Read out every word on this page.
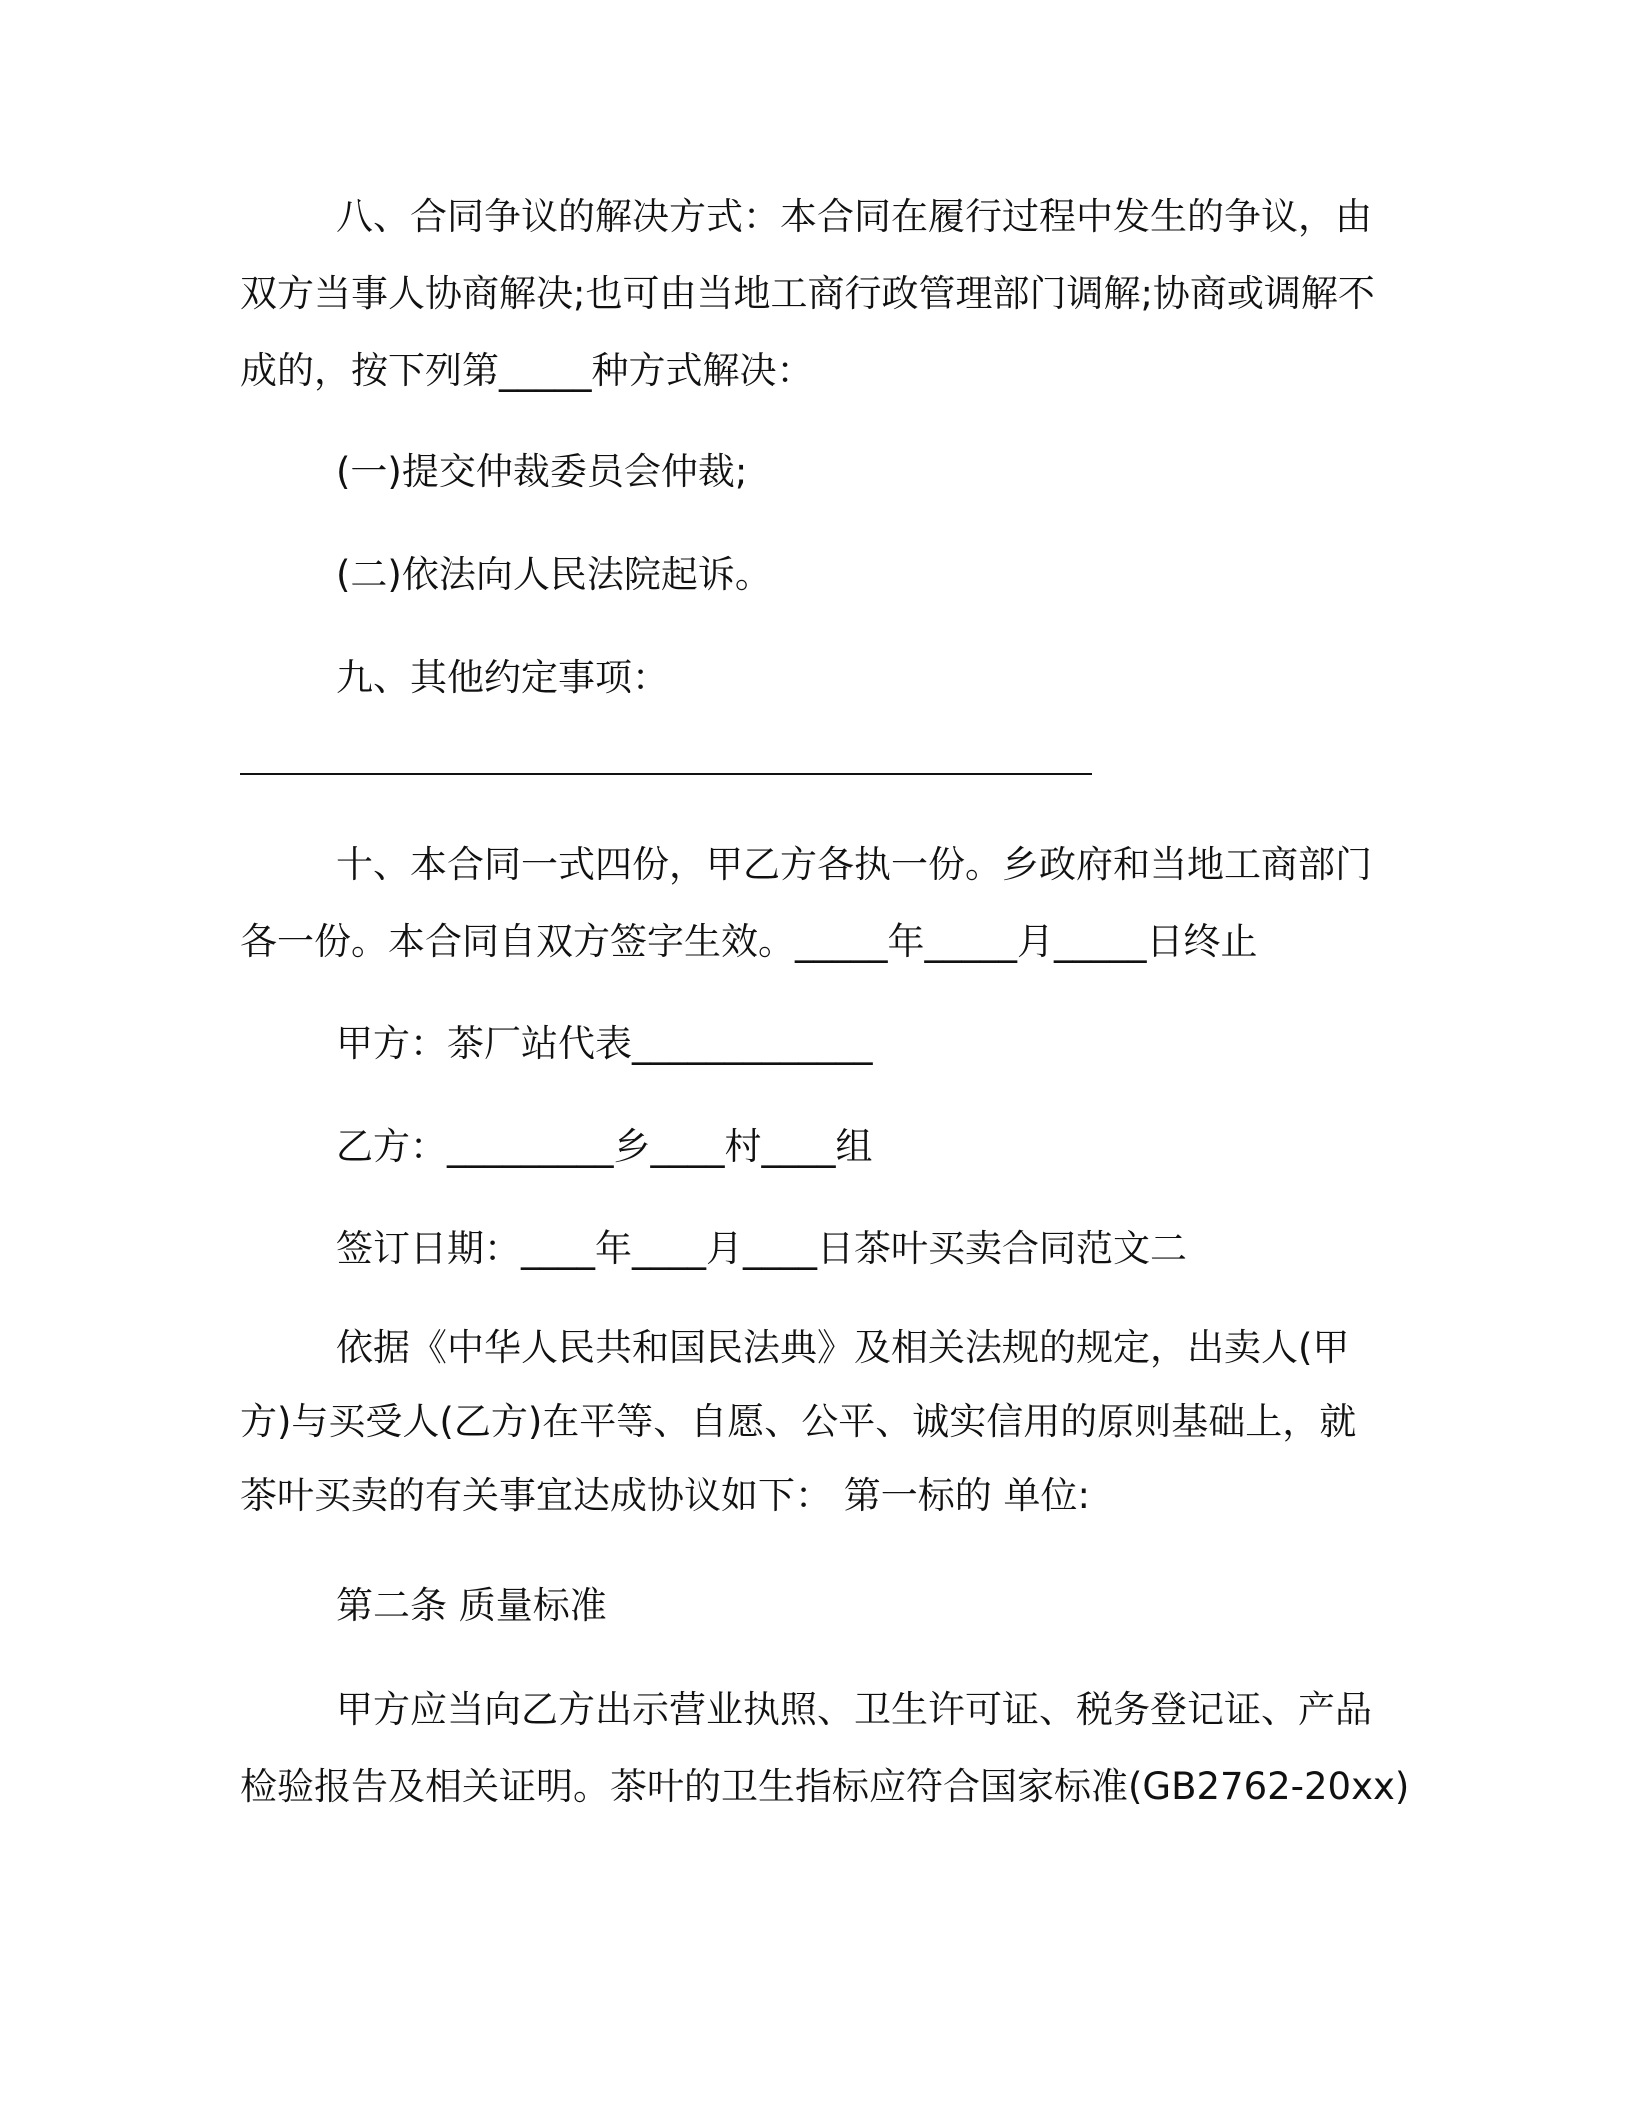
八、合同争议的解决方式：本合同在履行过程中发生的争议，由
双方当事人协商解决;也可由当地工商行政管理部门调解;协商或调解不
成的，按下列第_____种方式解决：

(一)提交仲裁委员会仲裁;

(二)依法向人民法院起诉。

九、其他约定事项：

十、本合同一式四份，甲乙方各执一份。乡政府和当地工商部门
各一份。本合同自双方签字生效。_____年_____月_____日终止

甲方：茶厂站代表_____________

乙方：_________乡____村____组

签订日期：____年____月____日茶叶买卖合同范文二

依据《中华人民共和国民法典》及相关法规的规定，出卖人(甲
方)与买受人(乙方)在平等、自愿、公平、诚实信用的原则基础上，就
茶叶买卖的有关事宜达成协议如下： 第一标的 单位:

第二条 质量标准

甲方应当向乙方出示营业执照、卫生许可证、税务登记证、产品
检验报告及相关证明。茶叶的卫生指标应符合国家标准(GB2762-20xx)
